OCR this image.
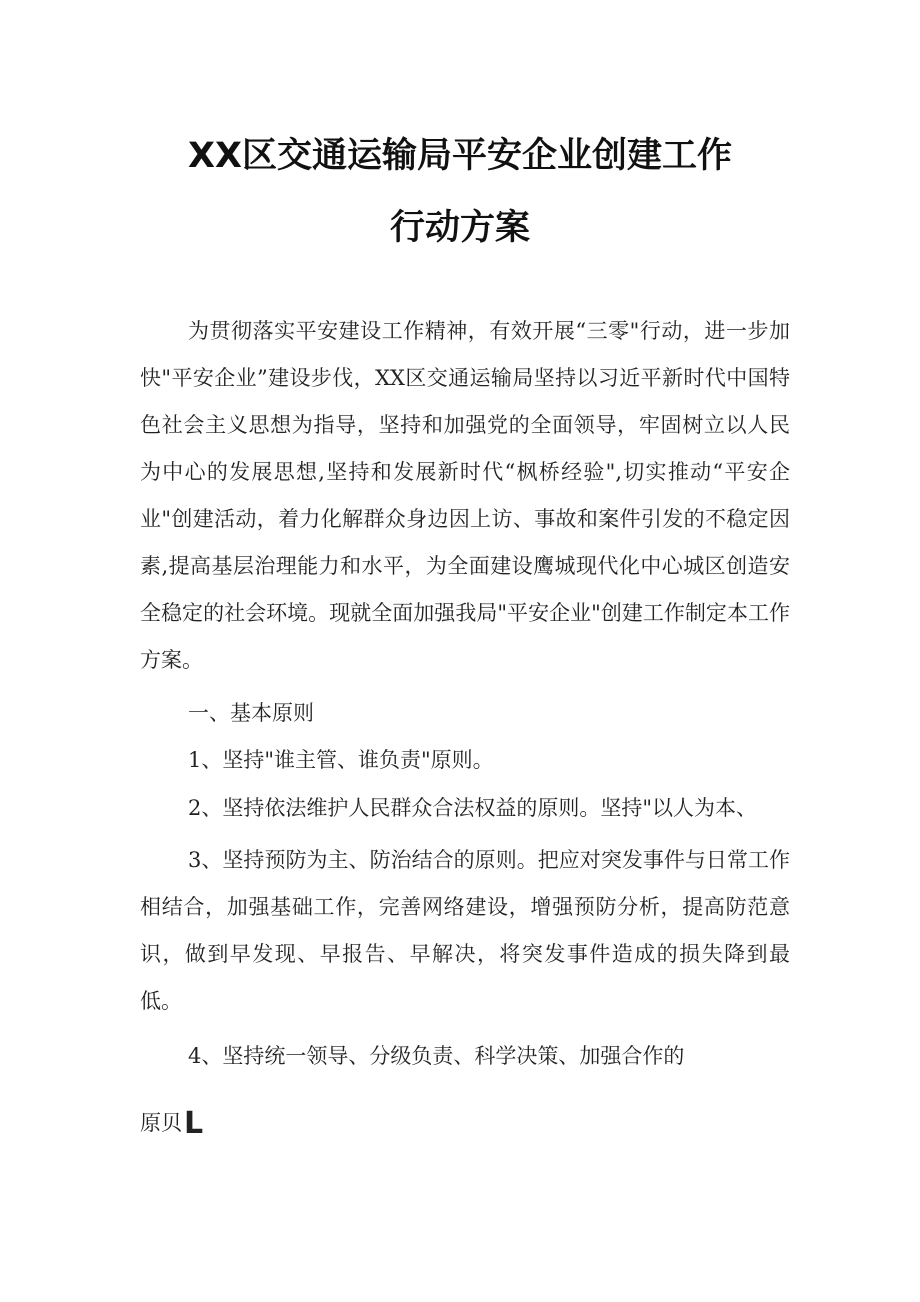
XX区交通运输局平安企业创建工作
行动方案

为贯彻落实平安建设工作精神，有效开展“三零"行动，进一步加快"平安企业”建设步伐，XX区交通运输局坚持以习近平新时代中国特色社会主义思想为指导，坚持和加强党的全面领导，牢固树立以人民为中心的发展思想,坚持和发展新时代“枫桥经验",切实推动“平安企业"创建活动，着力化解群众身边因上访、事故和案件引发的不稳定因素,提高基层治理能力和水平，为全面建设鹰城现代化中心城区创造安全稳定的社会环境。现就全面加强我局"平安企业"创建工作制定本工作方案。

一、基本原则
1、坚持"谁主管、谁负责"原则。
2、坚持依法维护人民群众合法权益的原则。坚持"以人为本、

3、坚持预防为主、防治结合的原则。把应对突发事件与日常工作相结合，加强基础工作，完善网络建设，增强预防分析，提高防范意识，做到早发现、早报告、早解决，将突发事件造成的损失降到最低。

4、坚持统一领导、分级负责、科学决策、加强合作的
原贝L
